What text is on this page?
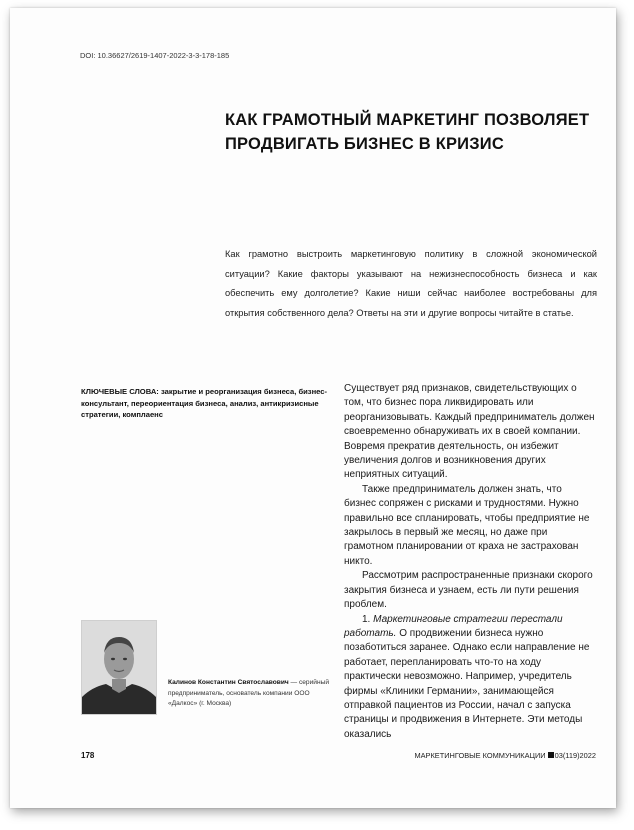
DOI: 10.36627/2619-1407-2022-3-3-178-185
КАК ГРАМОТНЫЙ МАРКЕТИНГ ПОЗВОЛЯЕТ ПРОДВИГАТЬ БИЗНЕС В КРИЗИС
Как грамотно выстроить маркетинговую политику в сложной экономической ситуации? Какие факторы указывают на нежизнеспособность бизнеса и как обеспечить ему долголетие? Какие ниши сейчас наиболее востребованы для открытия собственного дела? Ответы на эти и другие вопросы читайте в статье.
КЛЮЧЕВЫЕ СЛОВА: закрытие и реорганизация бизнеса, бизнес-консультант, переориентация бизнеса, анализ, антикризисные стратегии, комплаенс

Существует ряд признаков, свидетельствующих о том, что бизнес пора ликвидировать или реорганизовывать. Каждый предприниматель должен своевременно обнаруживать их в своей компании. Вовремя прекратив деятельность, он избежит увеличения долгов и возникновения других неприятных ситуаций.

Также предприниматель должен знать, что бизнес сопряжен с рисками и трудностями. Нужно правильно все спланировать, чтобы предприятие не закрылось в первый же месяц, но даже при грамотном планировании от краха не застрахован никто.

Рассмотрим распространенные признаки скорого закрытия бизнеса и узнаем, есть ли пути решения проблем.

1. Маркетинговые стратегии перестали работать. О продвижении бизнеса нужно позаботиться заранее. Однако если направление не работает, перепланировать что-то на ходу практически невозможно. Например, учредитель фирмы «Клиники Германии», занимающейся отправкой пациентов из России, начал с запуска страницы и продвижения в Интернете. Эти методы оказались

Калинов Константин Святославович — серийный предприниматель, основатель компании ООО «Далкос» (г. Москва)
178	МАРКЕТИНГОВЫЕ КОММУНИКАЦИИ 03(119)2022
